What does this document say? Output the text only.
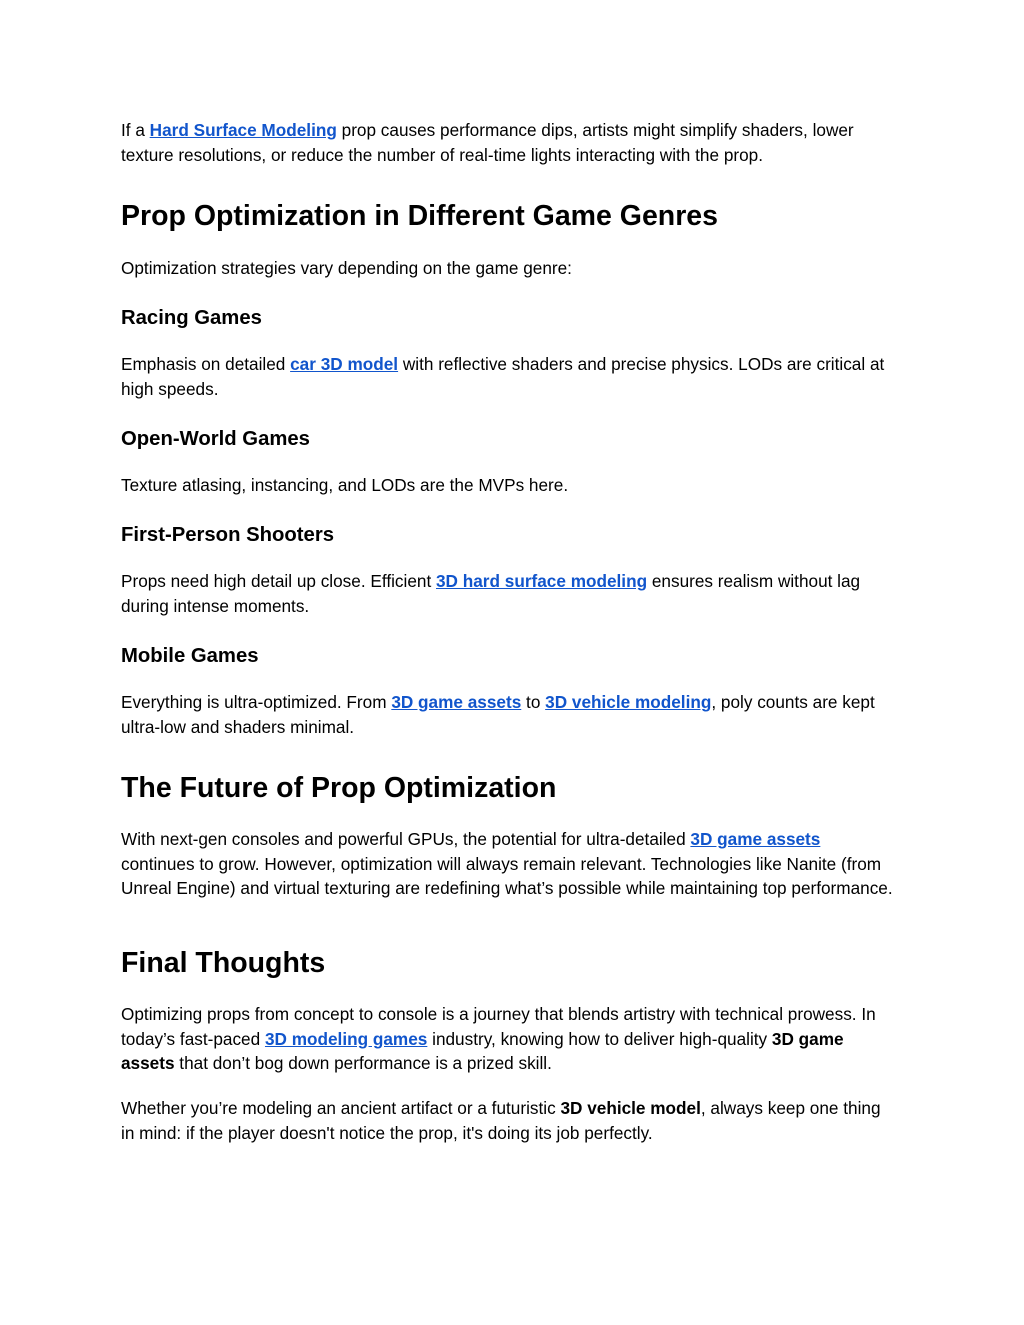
If a Hard Surface Modeling prop causes performance dips, artists might simplify shaders, lower texture resolutions, or reduce the number of real-time lights interacting with the prop.

Prop Optimization in Different Game Genres

Optimization strategies vary depending on the game genre:

Racing Games

Emphasis on detailed car 3D model with reflective shaders and precise physics. LODs are critical at high speeds.

Open-World Games

Texture atlasing, instancing, and LODs are the MVPs here.

First-Person Shooters

Props need high detail up close. Efficient 3D hard surface modeling ensures realism without lag during intense moments.

Mobile Games

Everything is ultra-optimized. From 3D game assets to 3D vehicle modeling, poly counts are kept ultra-low and shaders minimal.

The Future of Prop Optimization

With next-gen consoles and powerful GPUs, the potential for ultra-detailed 3D game assets continues to grow. However, optimization will always remain relevant. Technologies like Nanite (from Unreal Engine) and virtual texturing are redefining what’s possible while maintaining top performance.

Final Thoughts

Optimizing props from concept to console is a journey that blends artistry with technical prowess. In today’s fast-paced 3D modeling games industry, knowing how to deliver high-quality 3D game assets that don’t bog down performance is a prized skill.

Whether you’re modeling an ancient artifact or a futuristic 3D vehicle model, always keep one thing in mind: if the player doesn't notice the prop, it's doing its job perfectly.
